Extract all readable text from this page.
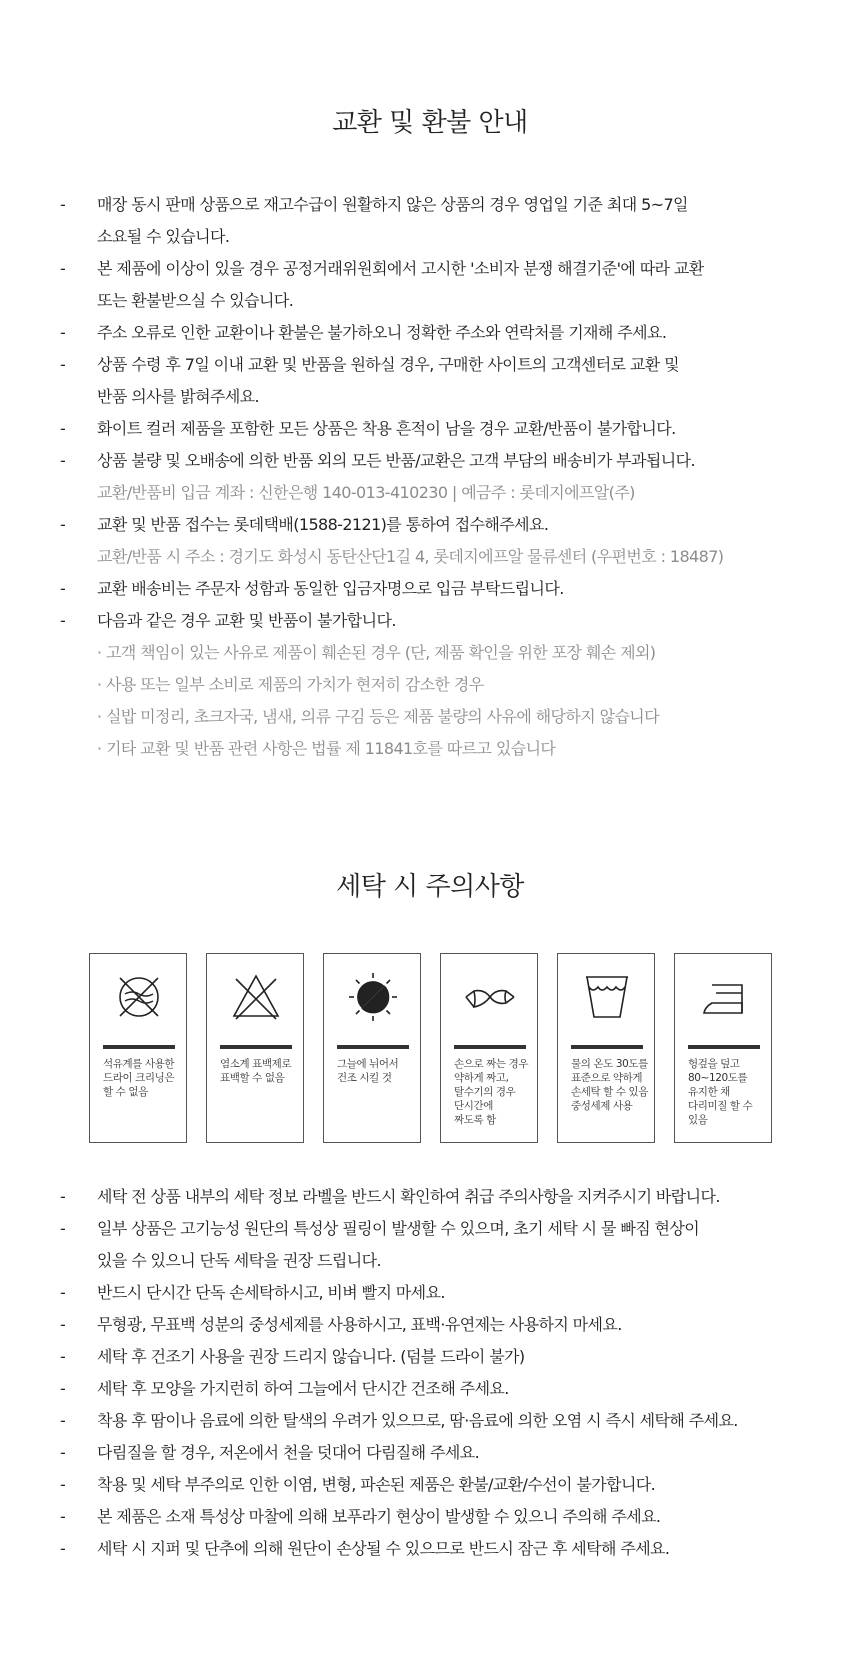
교환 및 환불 안내
-	매장 동시 판매 상품으로 재고수급이 원활하지 않은 상품의 경우 영업일 기준 최대 5~7일
소요될 수 있습니다.
-	본 제품에 이상이 있을 경우 공정거래위원회에서 고시한 '소비자 분쟁 해결기준'에 따라 교환
또는 환불받으실 수 있습니다.
-	주소 오류로 인한 교환이나 환불은 불가하오니 정확한 주소와 연락처를 기재해 주세요.
-	상품 수령 후 7일 이내 교환 및 반품을 원하실 경우, 구매한 사이트의 고객센터로 교환 및
반품 의사를 밝혀주세요.
-	화이트 컬러 제품을 포함한 모든 상품은 착용 흔적이 남을 경우 교환/반품이 불가합니다.
-	상품 불량 및 오배송에 의한 반품 외의 모든 반품/교환은 고객 부담의 배송비가 부과됩니다.
교환/반품비 입금 계좌 : 신한은행 140-013-410230 | 예금주 : 롯데지에프알(주)
-	교환 및 반품 접수는 롯데택배(1588-2121)를 통하여 접수해주세요.
교환/반품 시 주소 : 경기도 화성시 동탄산단1길 4, 롯데지에프알 물류센터 (우편번호 : 18487)
-	교환 배송비는 주문자 성함과 동일한 입금자명으로 입금 부탁드립니다.
-	다음과 같은 경우 교환 및 반품이 불가합니다.
· 고객 책임이 있는 사유로 제품이 훼손된 경우 (단, 제품 확인을 위한 포장 훼손 제외)
· 사용 또는 일부 소비로 제품의 가치가 현저히 감소한 경우
· 실밥 미정리, 초크자국, 냄새, 의류 구김 등은 제품 불량의 사유에 해당하지 않습니다
· 기타 교환 및 반품 관련 사항은 법률 제 11841호를 따르고 있습니다
세탁 시 주의사항
석유계를 사용한
드라이 크리닝은
할 수 없음
염소계 표백제로
표백할 수 없음
그늘에 뉘어서
건조 시킬 것
손으로 짜는 경우
약하게 짜고,
탈수기의 경우
단시간에
짜도록 함
물의 온도 30도를
표준으로 약하게
손세탁 할 수 있음
중성세제 사용
헝겊을 덮고
80~120도를
유지한 채
다리미질 할 수
있음
-	세탁 전 상품 내부의 세탁 정보 라벨을 반드시 확인하여 취급 주의사항을 지켜주시기 바랍니다.
-	일부 상품은 고기능성 원단의 특성상 필링이 발생할 수 있으며, 초기 세탁 시 물 빠짐 현상이
있을 수 있으니 단독 세탁을 권장 드립니다.
-	반드시 단시간 단독 손세탁하시고, 비벼 빨지 마세요.
-	무형광, 무표백 성분의 중성세제를 사용하시고, 표백·유연제는 사용하지 마세요.
-	세탁 후 건조기 사용을 권장 드리지 않습니다. (덤블 드라이 불가)
-	세탁 후 모양을 가지런히 하여 그늘에서 단시간 건조해 주세요.
-	착용 후 땀이나 음료에 의한 탈색의 우려가 있으므로, 땀·음료에 의한 오염 시 즉시 세탁해 주세요.
-	다림질을 할 경우, 저온에서 천을 덧대어 다림질해 주세요.
-	착용 및 세탁 부주의로 인한 이염, 변형, 파손된 제품은 환불/교환/수선이 불가합니다.
-	본 제품은 소재 특성상 마찰에 의해 보푸라기 현상이 발생할 수 있으니 주의해 주세요.
-	세탁 시 지퍼 및 단추에 의해 원단이 손상될 수 있으므로 반드시 잠근 후 세탁해 주세요.
